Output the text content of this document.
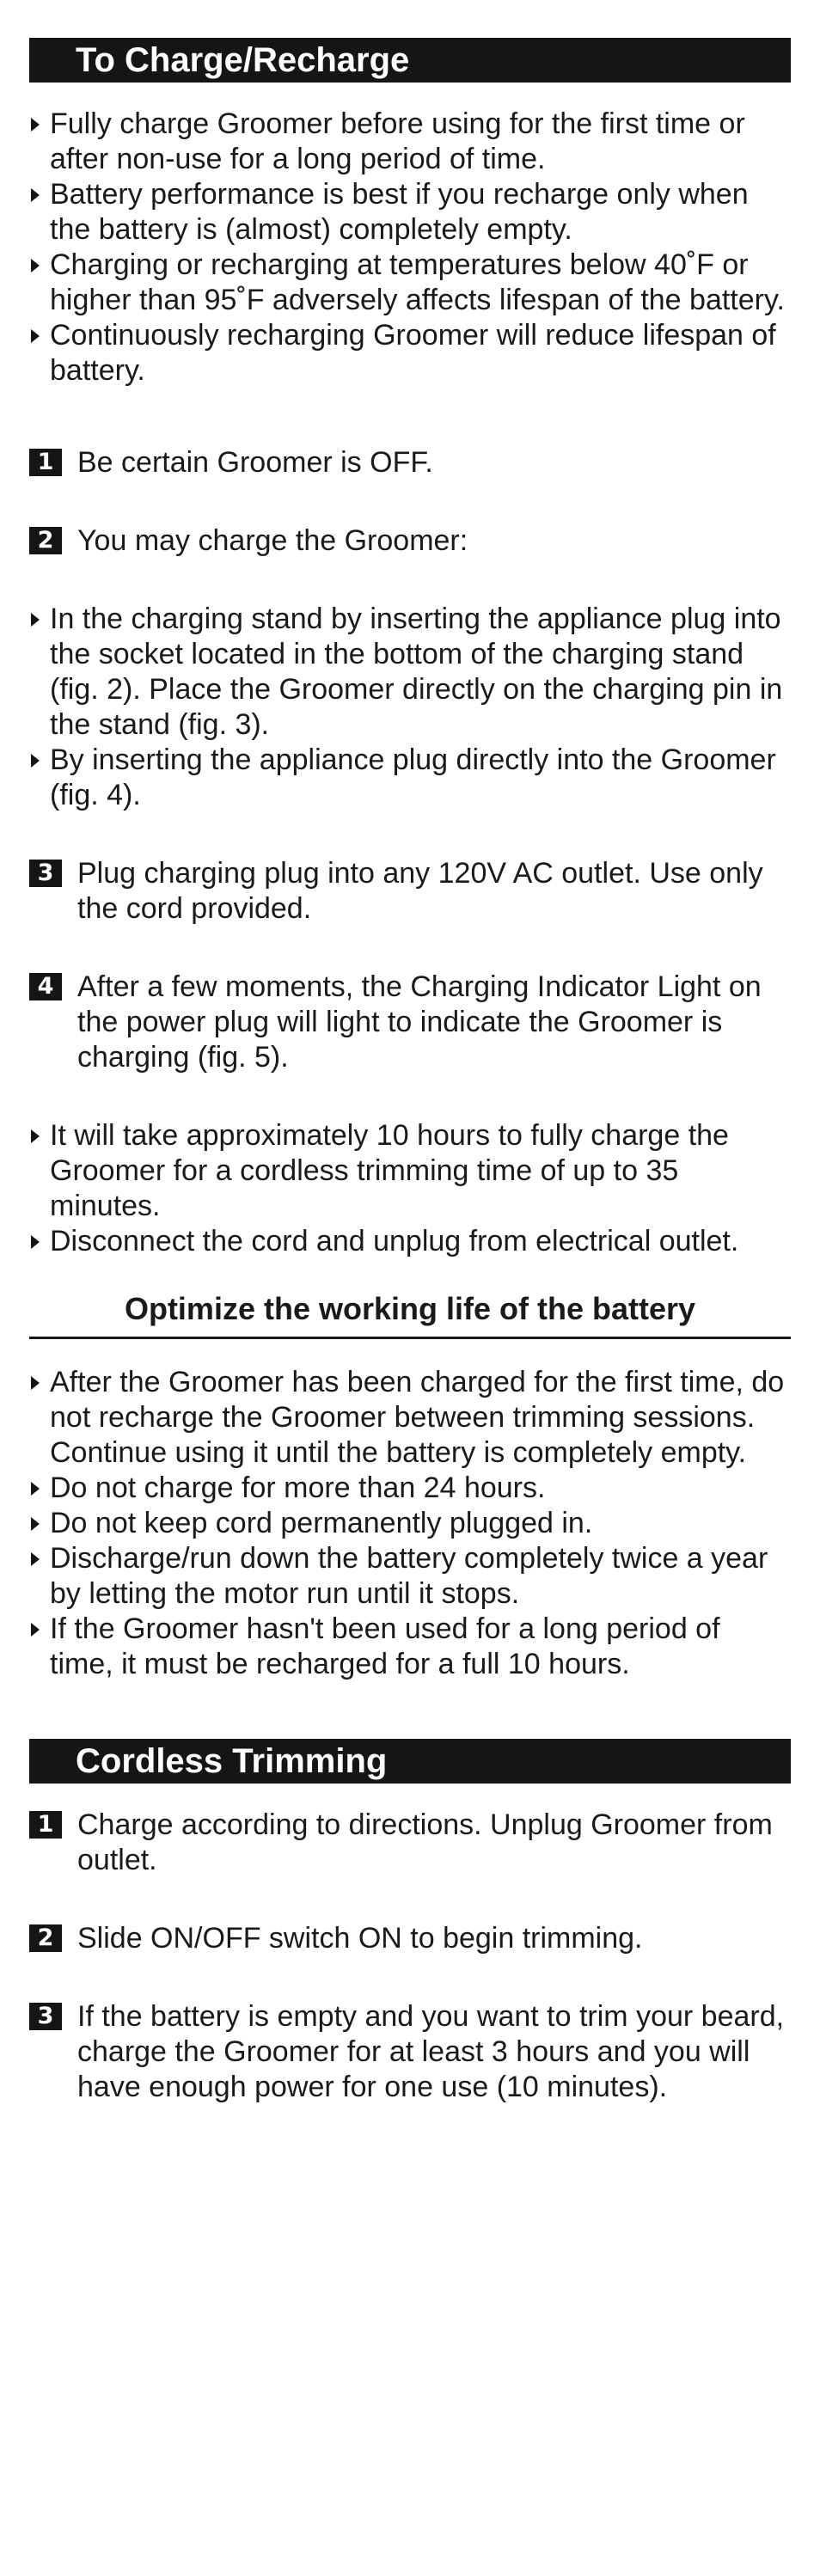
To Charge/Recharge
Fully charge Groomer before using for the first time or after non-use for a long period of time.
Battery performance is best if you recharge only when the battery is (almost) completely empty.
Charging or recharging at temperatures below 40˚F or higher than 95˚F adversely affects lifespan of the battery.
Continuously recharging Groomer will reduce lifespan of battery.
1 Be certain Groomer is OFF.
2 You may charge the Groomer:
In the charging stand by inserting the appliance plug into the socket located in the bottom of the charging stand (fig. 2). Place the Groomer directly on the charging pin in the stand (fig. 3).
By inserting the appliance plug directly into the Groomer (fig. 4).
3 Plug charging plug into any 120V AC outlet. Use only the cord provided.
4 After a few moments, the Charging Indicator Light on the power plug will light to indicate the Groomer is charging (fig. 5).
It will take approximately 10 hours to fully charge the Groomer for a cordless trimming time of up to 35 minutes.
Disconnect the cord and unplug from electrical outlet.
Optimize the working life of the battery
After the Groomer has been charged for the first time, do not recharge the Groomer between trimming sessions. Continue using it until the battery is completely empty.
Do not charge for more than 24 hours.
Do not keep cord permanently plugged in.
Discharge/run down the battery completely twice a year by letting the motor run until it stops.
If the Groomer hasn't been used for a long period of time, it must be recharged for a full 10 hours.
Cordless Trimming
1 Charge according to directions. Unplug Groomer from outlet.
2 Slide ON/OFF switch ON to begin trimming.
3 If the battery is empty and you want to trim your beard, charge the Groomer for at least 3 hours and you will have enough power for one use (10 minutes).
